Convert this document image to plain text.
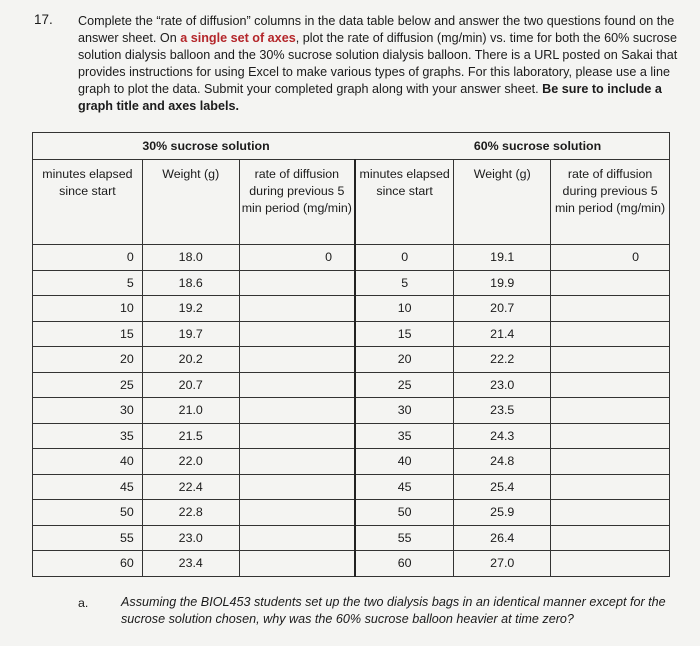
17. Complete the “rate of diffusion” columns in the data table below and answer the two questions found on the answer sheet. On a single set of axes, plot the rate of diffusion (mg/min) vs. time for both the 60% sucrose solution dialysis balloon and the 30% sucrose solution dialysis balloon. There is a URL posted on Sakai that provides instructions for using Excel to make various types of graphs. For this laboratory, please use a line graph to plot the data. Submit your completed graph along with your answer sheet. Be sure to include a graph title and axes labels.
	30% sucrose solution			60% sucrose solution	
minutes elapsed since start	Weight (g)	rate of diffusion during previous 5 min period (mg/min)	minutes elapsed since start	Weight (g)	rate of diffusion during previous 5 min period (mg/min)
0	18.0	0	0	19.1	0
5	18.6		5	19.9	
10	19.2		10	20.7	
15	19.7		15	21.4	
20	20.2		20	22.2	
25	20.7		25	23.0	
30	21.0		30	23.5	
35	21.5		35	24.3	
40	22.0		40	24.8	
45	22.4		45	25.4	
50	22.8		50	25.9	
55	23.0		55	26.4	
60	23.4		60	27.0	
a.	Assuming the BIOL453 students set up the two dialysis bags in an identical manner except for the sucrose solution chosen, why was the 60% sucrose balloon heavier at time zero?
